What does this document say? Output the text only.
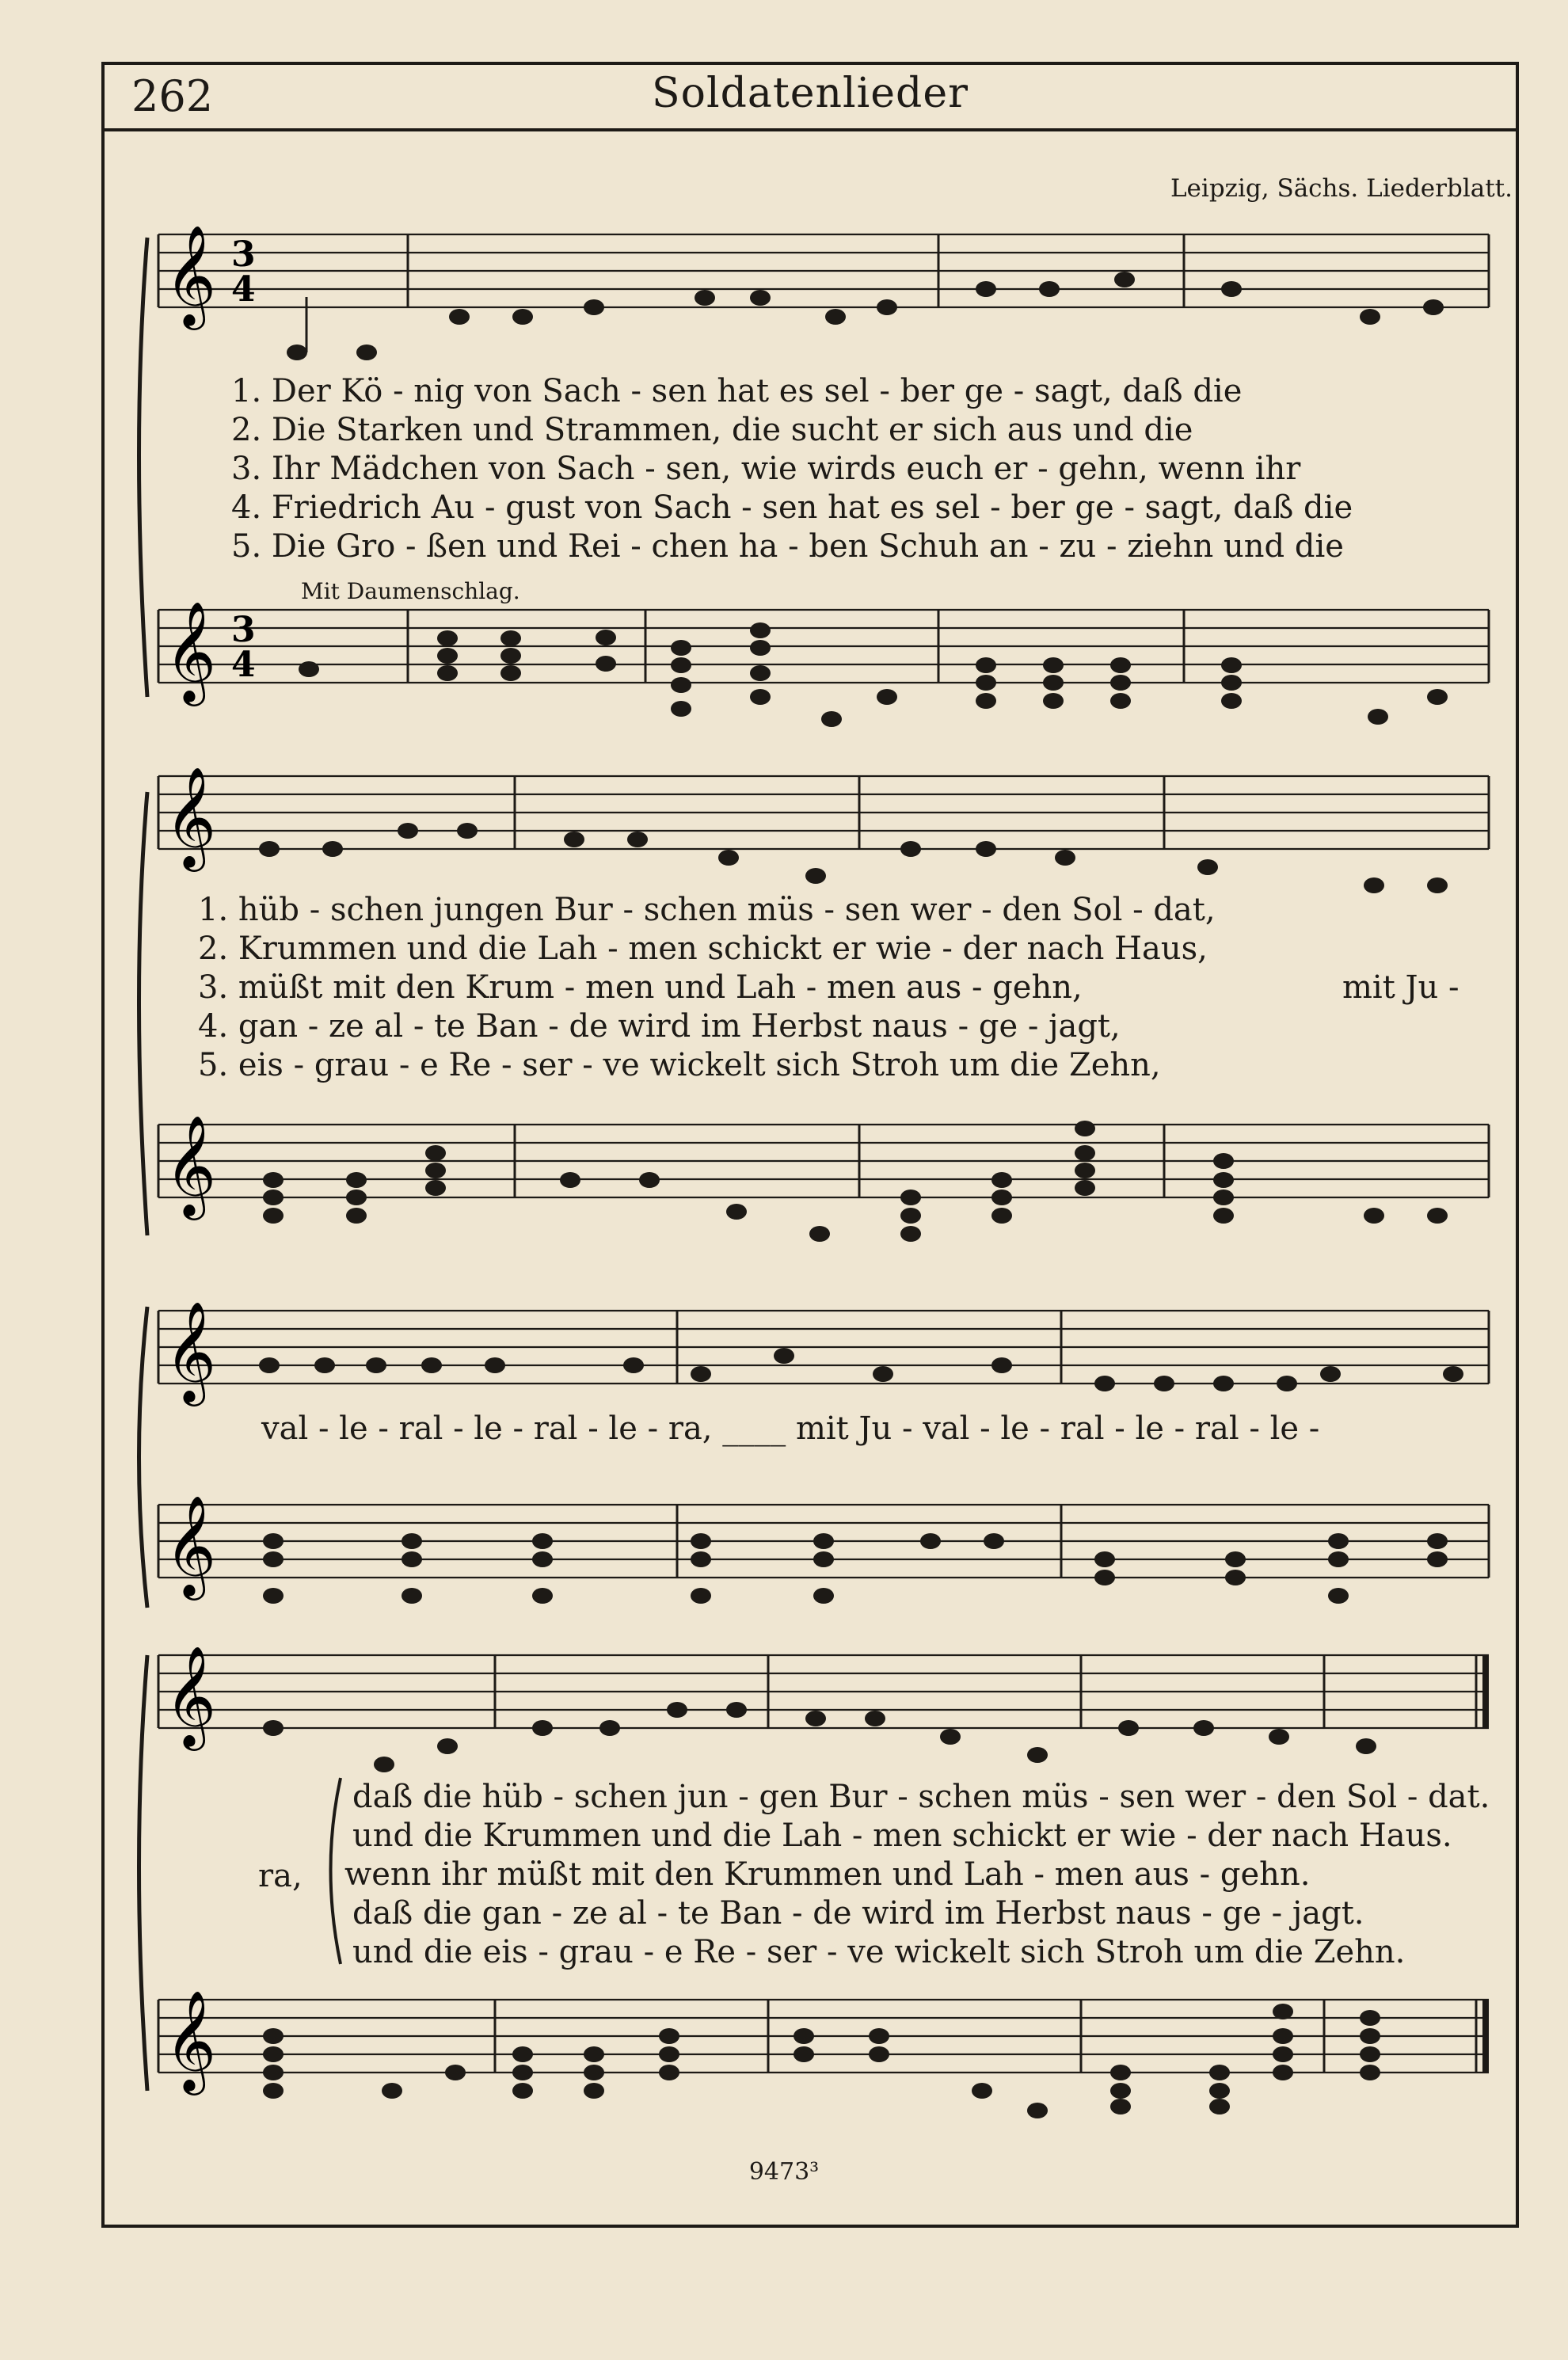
262	Soldatenlieder
Leipzig, Sächs. Liederblatt.
𝄞 3
4
𝄞 3
4
Mit Daumenschlag.
1. Der Kö - nig von Sach - sen hat es sel - ber ge - sagt, daß die
2. Die Starken und Strammen, die sucht er sich aus und die
3. Ihr Mädchen von Sach - sen, wie wirds euch er - gehn, wenn ihr
4. Friedrich Au - gust von Sach - sen hat es sel - ber ge - sagt, daß die
5. Die Gro - ßen und Rei - chen ha - ben Schuh an - zu - ziehn und die
𝄞
𝄞
1. hüb - schen jungen Bur - schen müs - sen wer - den Sol - dat,
2. Krummen und die Lah - men schickt er wie - der nach Haus,
3. müßt mit den Krum - men und Lah - men aus - gehn,
4. gan - ze al - te Ban - de wird im Herbst naus - ge - jagt,
5. eis - grau - e Re - ser - ve wickelt sich Stroh um die Zehn,
mit Ju -
𝄞
𝄞
val - le - ral - le - ral - le - ra, ____ mit Ju - val - le - ral - le - ral - le -
𝄞
𝄞
ra,
daß die hüb - schen jun - gen Bur - schen müs - sen wer - den Sol - dat.
und die Krummen und die Lah - men schickt er wie - der nach Haus.
wenn ihr müßt mit den Krummen und Lah - men aus - gehn.
daß die gan - ze al - te Ban - de wird im Herbst naus - ge - jagt.
und die eis - grau - e Re - ser - ve wickelt sich Stroh um die Zehn.
9473³
